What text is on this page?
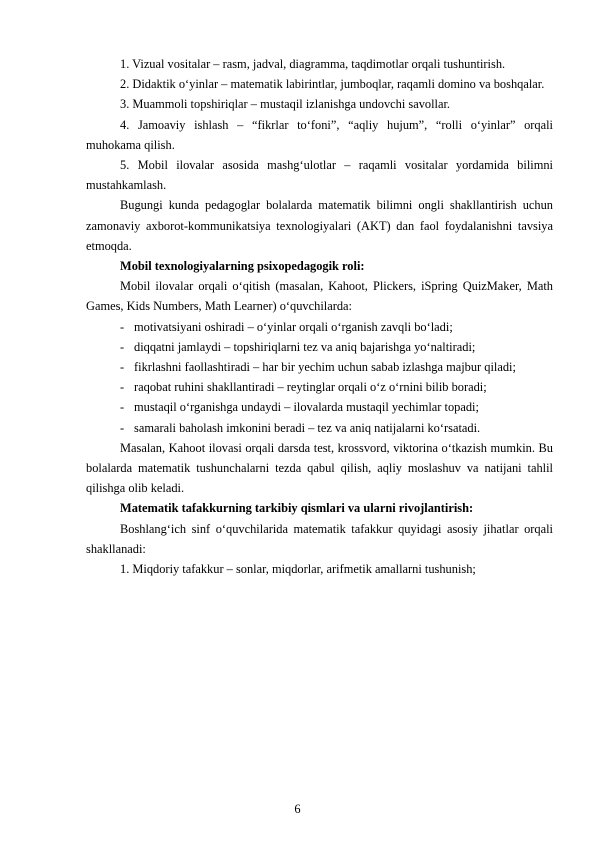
1. Vizual vositalar – rasm, jadval, diagramma, taqdimotlar orqali tushuntirish.

2. Didaktik o‘yinlar – matematik labirintlar, jumboqlar, raqamli domino va boshqalar.

3. Muammoli topshiriqlar – mustaqil izlanishga undovchi savollar.

4. Jamoaviy ishlash – “fikrlar to‘foni”, “aqliy hujum”, “rolli o‘yinlar” orqali muhokama qilish.

5. Mobil ilovalar asosida mashg‘ulotlar – raqamli vositalar yordamida bilimni mustahkamlash.

Bugungi kunda pedagoglar bolalarda matematik bilimni ongli shakllantirish uchun zamonaviy axborot-kommunikatsiya texnologiyalari (AKT) dan faol foydalanishni tavsiya etmoqda.

Mobil texnologiyalarning psixopedagogik roli:

Mobil ilovalar orqali o‘qitish (masalan, Kahoot, Plickers, iSpring QuizMaker, Math Games, Kids Numbers, Math Learner) o‘quvchilarda:

- motivatsiyani oshiradi – o‘yinlar orqali o‘rganish zavqli bo‘ladi;

- diqqatni jamlaydi – topshiriqlarni tez va aniq bajarishga yo‘naltiradi;

- fikrlashni faollashtiradi – har bir yechim uchun sabab izlashga majbur qiladi;

- raqobat ruhini shakllantiradi – reytinglar orqali o‘z o‘rnini bilib boradi;

- mustaqil o‘rganishga undaydi – ilovalarda mustaqil yechimlar topadi;

- samarali baholash imkonini beradi – tez va aniq natijalarni ko‘rsatadi.

Masalan, Kahoot ilovasi orqali darsda test, krossvord, viktorina o‘tkazish mumkin. Bu bolalarda matematik tushunchalarni tezda qabul qilish, aqliy moslashuv va natijani tahlil qilishga olib keladi.

Matematik tafakkurning tarkibiy qismlari va ularni rivojlantirish:

Boshlang‘ich sinf o‘quvchilarida matematik tafakkur quyidagi asosiy jihatlar orqali shakllanadi:

1. Miqdoriy tafakkur – sonlar, miqdorlar, arifmetik amallarni tushunish;

6
